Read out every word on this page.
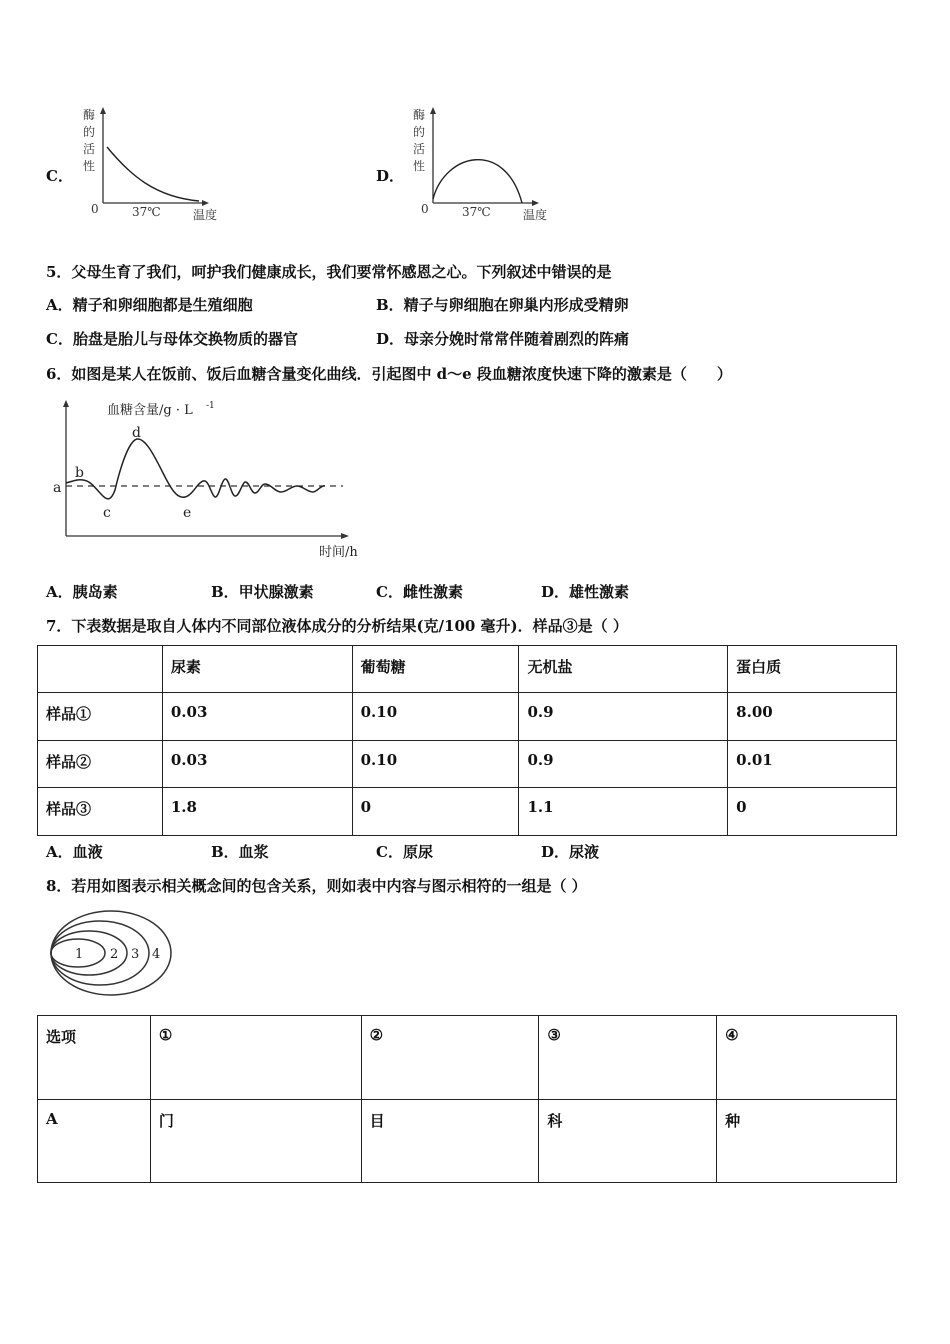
C．
酶
的
活
性
0	37℃	温度
D．
酶
的
活
性
0	37℃	温度
5．父母生育了我们，呵护我们健康成长，我们要常怀感恩之心。下列叙述中错误的是
A．精子和卵细胞都是生殖细胞	B．精子与卵细胞在卵巢内形成受精卵
C．胎盘是胎儿与母体交换物质的器官	D．母亲分娩时常常伴随着剧烈的阵痛
6．如图是某人在饭前、饭后血糖含量变化曲线．引起图中 d～e 段血糖浓度快速下降的激素是（　　）
血糖含量/g · L -1
时间/h
a
b
c
d
e
A．胰岛素	B．甲状腺激素	C．雌性激素	D．雄性激素
7．下表数据是取自人体内不同部位液体成分的分析结果(克/100 毫升)．样品③是（ ）
	尿素	葡萄糖	无机盐	蛋白质
样品①	0.03	0.10	0.9	8.00
样品②	0.03	0.10	0.9	0.01
样品③	1.8	0	1.1	0
A．血液	B．血浆	C．原尿	D．尿液
8．若用如图表示相关概念间的包含关系，则如表中内容与图示相符的一组是（ ）
1 2 3 4
选项	①	②	③	④
A	门	目	科	种
